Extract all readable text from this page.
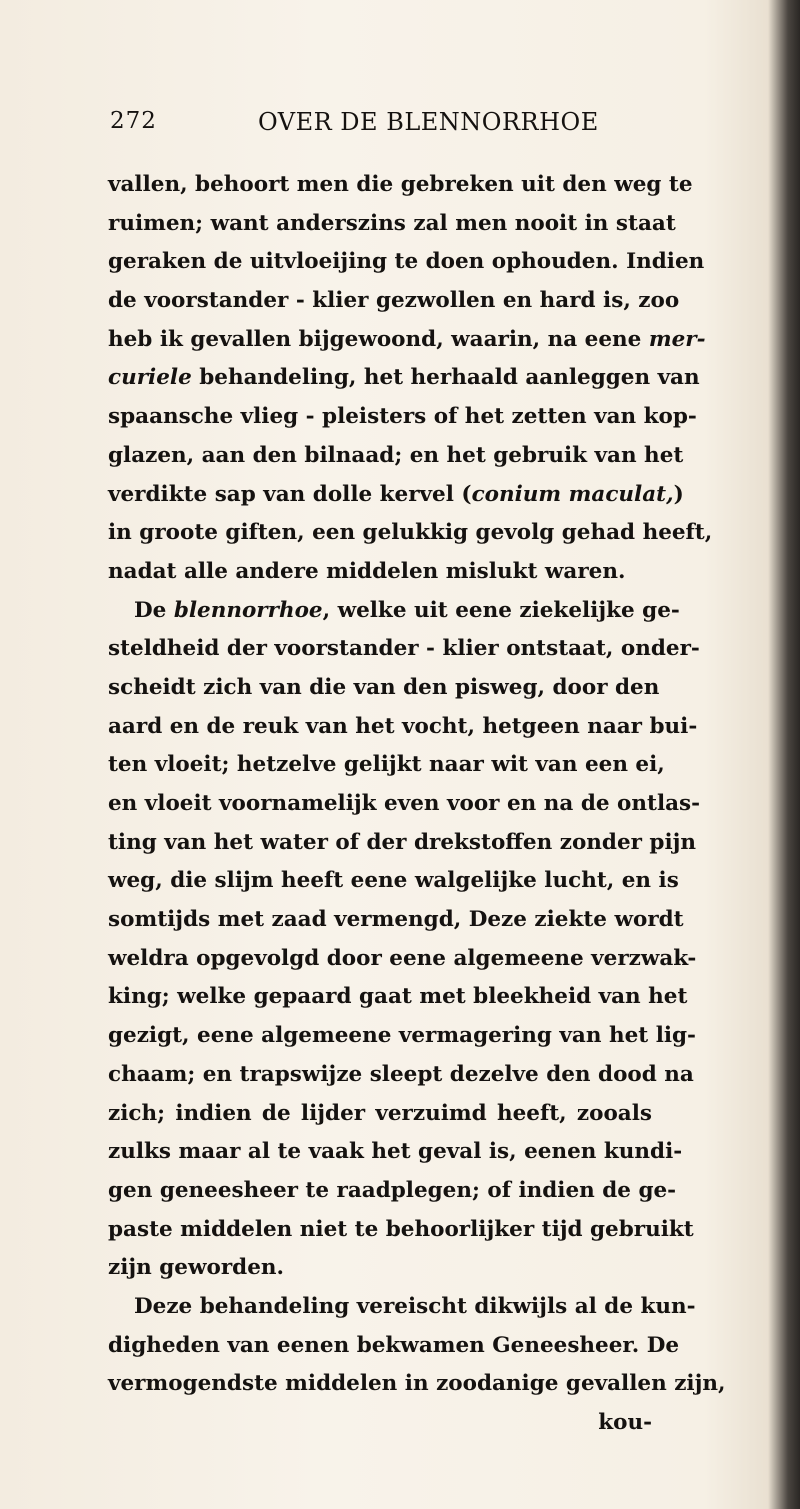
272	OVER DE BLENNORRHOE
vallen, behoort men die gebreken uit den weg te
ruimen; want anderszins zal men nooit in staat
geraken de uitvloeijing te doen ophouden. Indien
de voorstander - klier gezwollen en hard is, zoo
heb ik gevallen bijgewoond, waarin, na eene mer-
curiele behandeling, het herhaald aanleggen van
spaansche vlieg - pleisters of het zetten van kop-
glazen, aan den bilnaad; en het gebruik van het
verdikte sap van dolle kervel (conium maculat,)
in groote giften, een gelukkig gevolg gehad heeft,
nadat alle andere middelen mislukt waren.
De blennorrhoe, welke uit eene ziekelijke ge-
steldheid der voorstander - klier ontstaat, onder-
scheidt zich van die van den pisweg, door den
aard en de reuk van het vocht, hetgeen naar bui-
ten vloeit; hetzelve gelijkt naar wit van een ei,
en vloeit voornamelijk even voor en na de ontlas-
ting van het water of der drekstoffen zonder pijn
weg, die slijm heeft eene walgelijke lucht, en is
somtijds met zaad vermengd, Deze ziekte wordt
weldra opgevolgd door eene algemeene verzwak-
king; welke gepaard gaat met bleekheid van het
gezigt, eene algemeene vermagering van het lig-
chaam; en trapswijze sleept dezelve den dood na
zich; indien de lijder verzuimd heeft, zooals
zulks maar al te vaak het geval is, eenen kundi-
gen geneesheer te raadplegen; of indien de ge-
paste middelen niet te behoorlijker tijd gebruikt
zijn geworden.
Deze behandeling vereischt dikwijls al de kun-
digheden van eenen bekwamen Geneesheer. De
vermogendste middelen in zoodanige gevallen zijn,
kou-
